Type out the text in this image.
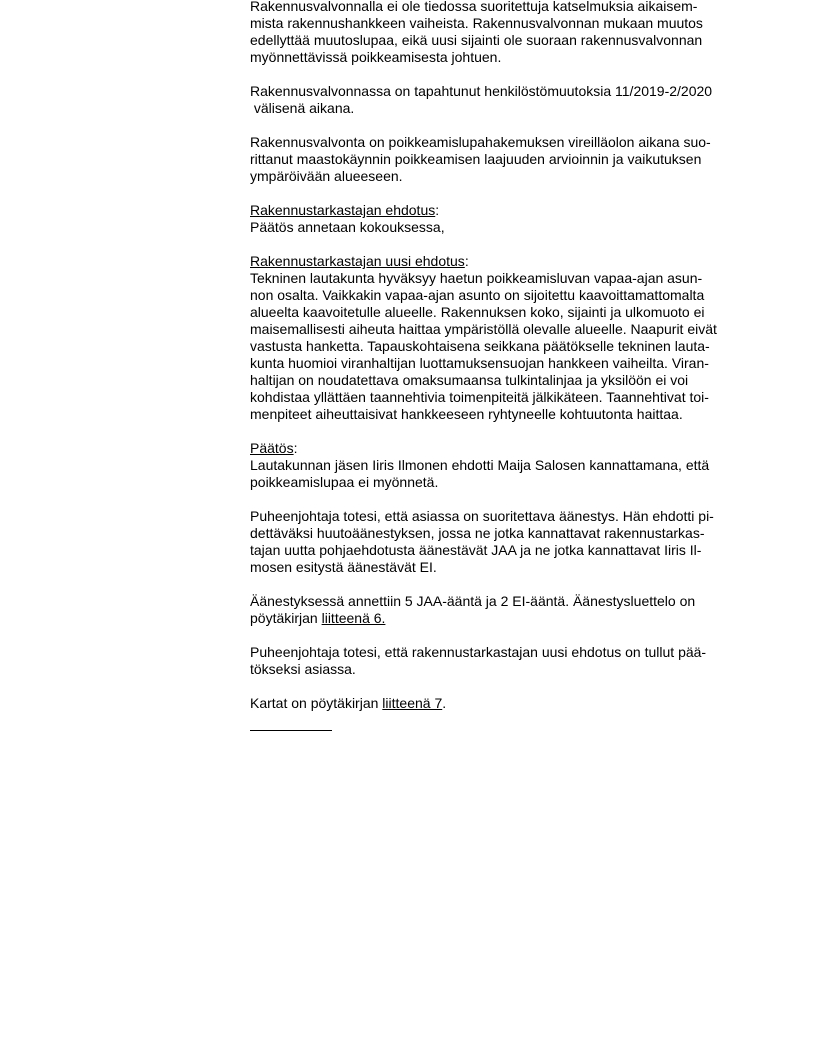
Rakennusvalvonnalla ei ole tiedossa suoritettuja katselmuksia aikaisem-
mista rakennushankkeen vaiheista. Rakennusvalvonnan mukaan muutos
edellyttää muutoslupaa, eikä uusi sijainti ole suoraan rakennusvalvonnan
myönnettävissä poikkeamisesta johtuen.

Rakennusvalvonnassa on tapahtunut henkilöstömuutoksia 11/2019-2/2020
välisenä aikana.

Rakennusvalvonta on poikkeamislupahakemuksen vireilläolon aikana suo-
rittanut maastokäynnin poikkeamisen laajuuden arvioinnin ja vaikutuksen
ympäröivään alueeseen.

Rakennustarkastajan ehdotus:
Päätös annetaan kokouksessa,

Rakennustarkastajan uusi ehdotus:
Tekninen lautakunta hyväksyy haetun poikkeamisluvan vapaa-ajan asun-
non osalta. Vaikkakin vapaa-ajan asunto on sijoitettu kaavoittamattomalta
alueelta kaavoitetulle alueelle. Rakennuksen koko, sijainti ja ulkomuoto ei
maisemallisesti aiheuta haittaa ympäristöllä olevalle alueelle. Naapurit eivät
vastusta hanketta. Tapauskohtaisena seikkana päätökselle tekninen lauta-
kunta huomioi viranhaltijan luottamuksensuojan hankkeen vaiheilta. Viran-
haltijan on noudatettava omaksumaansa tulkintalinjaa ja yksilöön ei voi
kohdistaa yllättäen taannehtivia toimenpiteitä jälkikäteen. Taannehtivat toi-
menpiteet aiheuttaisivat hankkeeseen ryhtyneelle kohtuutonta haittaa.

Päätös:
Lautakunnan jäsen Iiris Ilmonen ehdotti Maija Salosen kannattamana, että
poikkeamislupaa ei myönnetä.

Puheenjohtaja totesi, että asiassa on suoritettava äänestys. Hän ehdotti pi-
dettäväksi huutoäänestyksen, jossa ne jotka kannattavat rakennustarkas-
tajan uutta pohjaehdotusta äänestävät JAA ja ne jotka kannattavat Iiris Il-
mosen esitystä äänestävät EI.

Äänestyksessä annettiin 5 JAA-ääntä ja 2 EI-ääntä. Äänestysluettelo on
pöytäkirjan liitteenä 6.

Puheenjohtaja totesi, että rakennustarkastajan uusi ehdotus on tullut pää-
tökseksi asiassa.

Kartat on pöytäkirjan liitteenä 7.
